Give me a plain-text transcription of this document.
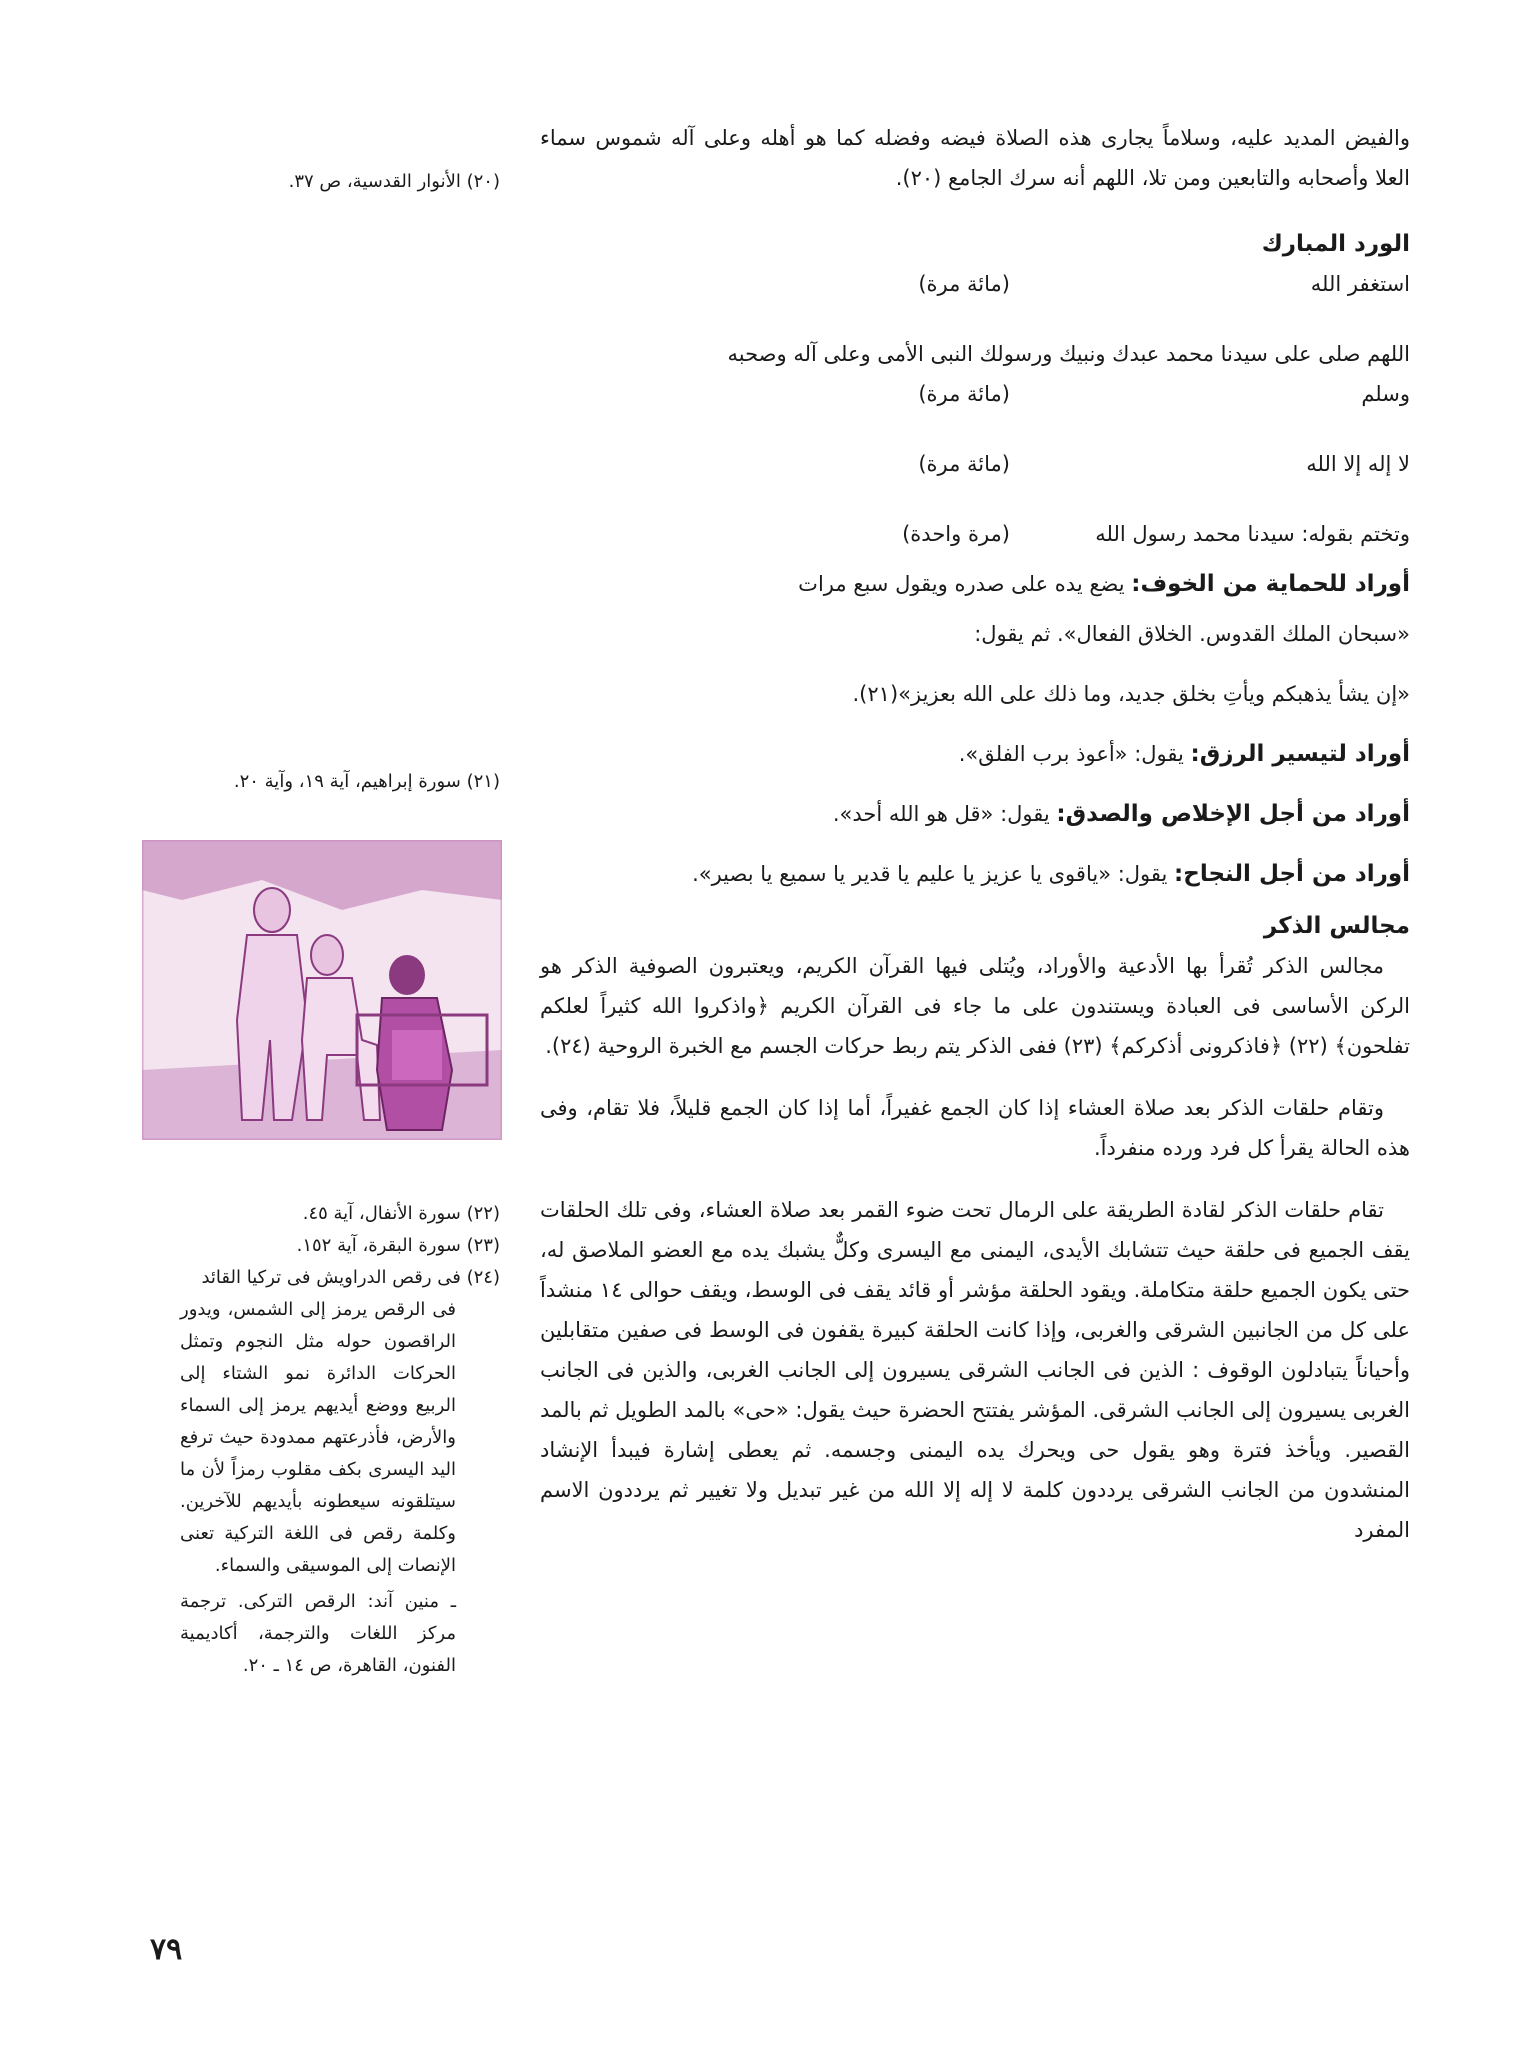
(٢٠) الأنوار القدسية، ص ٣٧.

(٢١) سورة إبراهيم، آية ١٩، وآية ٢٠.

(٢٢) سورة الأنفال، آية ٤٥.

(٢٣) سورة البقرة، آية ١٥٢.

(٢٤) فى رقص الدراويش فى تركيا القائد

فى الرقص يرمز إلى الشمس، ويدور الراقصون حوله مثل النجوم وتمثل الحركات الدائرة نمو الشتاء إلى الربيع ووضع أيديهم يرمز إلى السماء والأرض، فأذرعتهم ممدودة حيث ترفع اليد اليسرى بكف مقلوب رمزاً لأن ما سيتلقونه سيعطونه بأيديهم للآخرين. وكلمة رقص فى اللغة التركية تعنى الإنصات إلى الموسيقى والسماء.

ـ منين آند: الرقص التركى. ترجمة مركز اللغات والترجمة، أكاديمية الفنون، القاهرة، ص ١٤ ـ ٢٠.

والفيض المديد عليه، وسلاماً يجارى هذه الصلاة فيضه وفضله كما هو أهله وعلى آله شموس سماء العلا وأصحابه والتابعين ومن تلا، اللهم أنه سرك الجامع (٢٠).

الورد المبارك

استغفر الله
(مائة مرة)

اللهم صلى على سيدنا محمد عبدك ونبيك ورسولك النبى الأمى وعلى آله وصحبه

وسلم
(مائة مرة)
لا إله إلا الله
(مائة مرة)
وتختم بقوله: سيدنا محمد رسول الله
(مرة واحدة)

أوراد للحماية من الخوف: يضع يده على صدره ويقول سبع مرات

«سبحان الملك القدوس. الخلاق الفعال». ثم يقول:

«إن يشأ يذهبكم ويأتِ بخلق جديد، وما ذلك على الله بعزيز»(٢١).

أوراد لتيسير الرزق: يقول: «أعوذ برب الفلق».

أوراد من أجل الإخلاص والصدق: يقول: «قل هو الله أحد».

أوراد من أجل النجاح: يقول: «ياقوى يا عزيز يا عليم يا قدير يا سميع يا بصير».

مجالس الذكر

مجالس الذكر تُقرأ بها الأدعية والأوراد، ويُتلى فيها القرآن الكريم، ويعتبرون الصوفية الذكر هو الركن الأساسى فى العبادة ويستندون على ما جاء فى القرآن الكريم ﴿واذكروا الله كثيراً لعلكم تفلحون﴾ (٢٢) ﴿فاذكرونى أذكركم﴾ (٢٣) ففى الذكر يتم ربط حركات الجسم مع الخبرة الروحية (٢٤).

وتقام حلقات الذكر بعد صلاة العشاء إذا كان الجمع غفيراً، أما إذا كان الجمع قليلاً، فلا تقام، وفى هذه الحالة يقرأ كل فرد ورده منفرداً.

تقام حلقات الذكر لقادة الطريقة على الرمال تحت ضوء القمر بعد صلاة العشاء، وفى تلك الحلقات يقف الجميع فى حلقة حيث تتشابك الأيدى، اليمنى مع اليسرى وكلٌّ يشبك يده مع العضو الملاصق له، حتى يكون الجميع حلقة متكاملة. ويقود الحلقة مؤشر أو قائد يقف فى الوسط، ويقف حوالى ١٤ منشداً على كل من الجانبين الشرقى والغربى، وإذا كانت الحلقة كبيرة يقفون فى الوسط فى صفين متقابلين وأحياناً يتبادلون الوقوف : الذين فى الجانب الشرقى يسيرون إلى الجانب الغربى، والذين فى الجانب الغربى يسيرون إلى الجانب الشرقى. المؤشر يفتتح الحضرة حيث يقول: «حى» بالمد الطويل ثم بالمد القصير. ويأخذ فترة وهو يقول حى ويحرك يده اليمنى وجسمه. ثم يعطى إشارة فيبدأ الإنشاد المنشدون من الجانب الشرقى يرددون كلمة لا إله إلا الله من غير تبديل ولا تغيير ثم يرددون الاسم المفرد

٧٩
